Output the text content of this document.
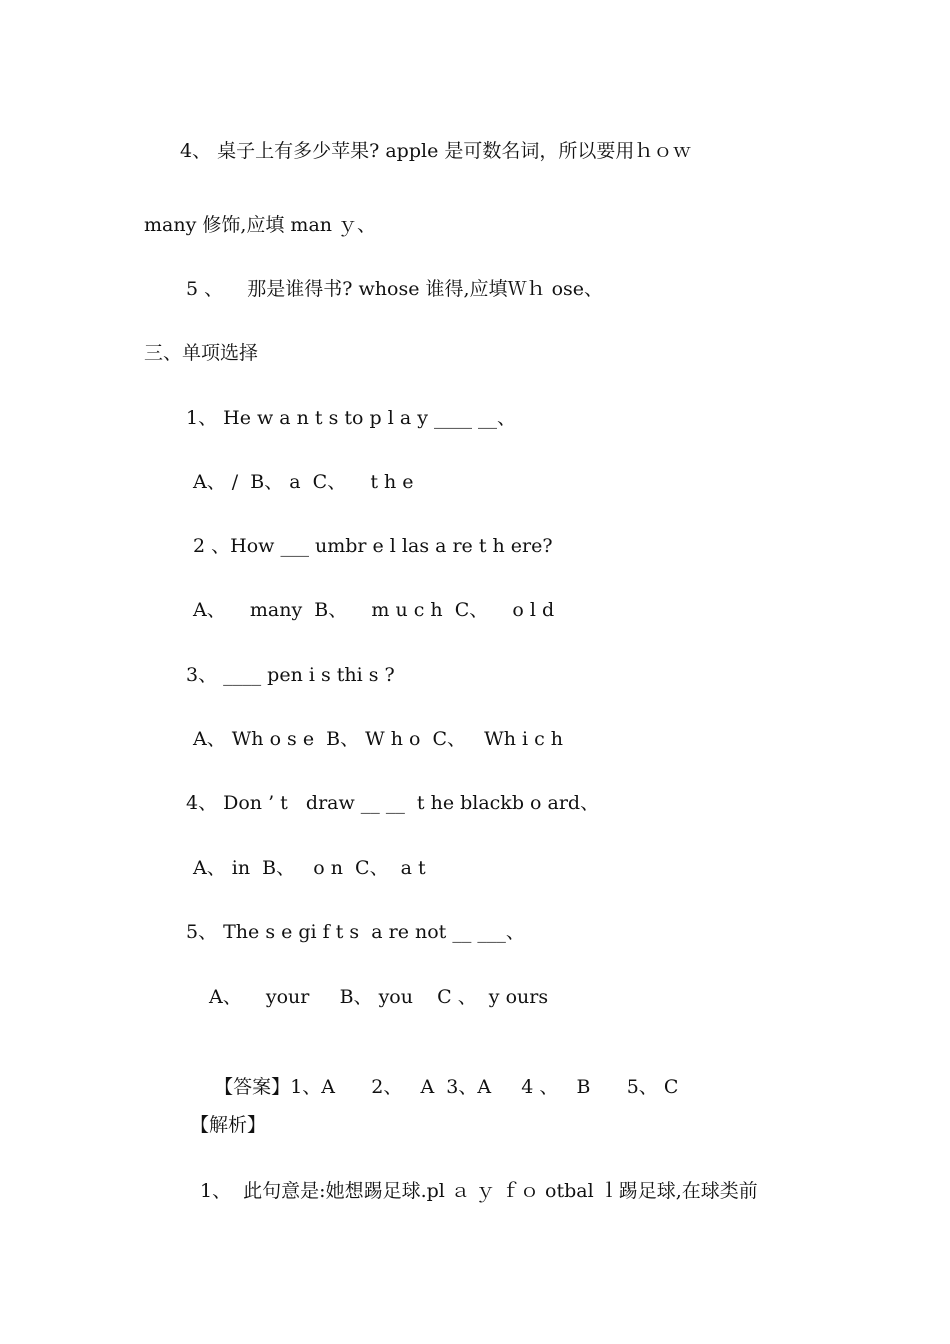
4、 桌子上有多少苹果? apple 是可数名词，所以要用ｈｏｗ
many 修饰,应填 man ｙ、
5 、    那是谁得书? whose 谁得,应填Ｗｈ ose、
三、单项选择
1、 He w a n t s to p l a y ____ __、
A、 /  B、 a  C、    t h e
2 、How ___ umbr e l las a re t h ere?
A、    many  B、    m u c h  C、    o l d
3、 ____ pen i s thi s ?
A、 Wh o s e  B、 W h o  C、   Wh i c h
4、 Don ’ t   draw __ __  t he blackb o ard、
A、 in  B、   o n  C、  a t
5、 The s e gi f t s  a re not __ ___、
A、    your     B、 you    C 、  y ours

【答案】1、A      2、   A  3、A     4 、   B      5、 C

【解析】
1、  此句意是:她想踢足球.pl ａ ｙ ｆｏ otbal ｌ踢足球,在球类前
